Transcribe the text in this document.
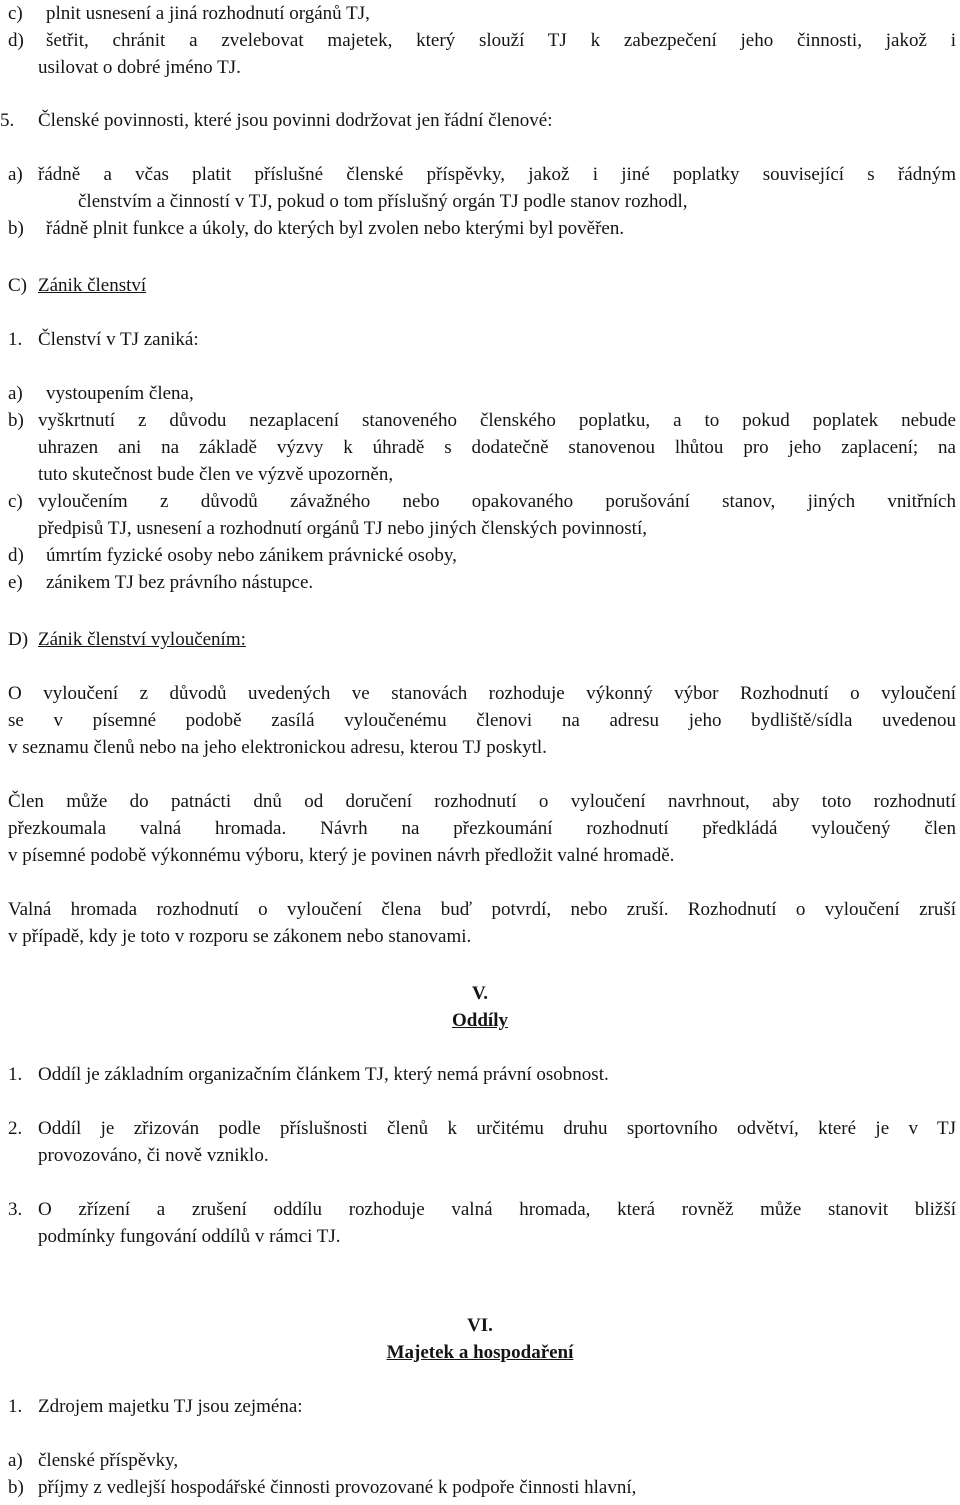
c) plnit usnesení a jiná rozhodnutí orgánů TJ,
d)	šetřit, chránit a zvelebovat majetek, který slouží TJ k zabezpečení jeho činnosti, jakož i
usilovat o dobré jméno TJ.
5. Členské povinnosti, které jsou povinni dodržovat jen řádní členové:
a) řádně a včas platit příslušné členské příspěvky, jakož i jiné poplatky související s řádným
členstvím a činností v TJ, pokud o tom příslušný orgán TJ podle stanov rozhodl,
b) řádně plnit funkce a úkoly, do kterých byl zvolen nebo kterými byl pověřen.
C) Zánik členství
1. Členství v TJ zaniká:
a) vystoupením člena,
b) vyškrtnutí z důvodu nezaplacení stanoveného členského poplatku, a to pokud poplatek nebude
uhrazen ani na základě výzvy k úhradě s dodatečně stanovenou lhůtou pro jeho zaplacení; na
tuto skutečnost bude člen ve výzvě upozorněn,
c) vyloučením z důvodů závažného nebo opakovaného porušování stanov, jiných vnitřních
předpisů TJ, usnesení a rozhodnutí orgánů TJ nebo jiných členských povinností,
d) úmrtím fyzické osoby nebo zánikem právnické osoby,
e) zánikem TJ bez právního nástupce.
D) Zánik členství vyloučením:
O vyloučení z důvodů uvedených ve stanovách rozhoduje výkonný výbor Rozhodnutí o vyloučení
se v písemné podobě zasílá vyloučenému členovi na adresu jeho bydliště/sídla uvedenou
v seznamu členů nebo na jeho elektronickou adresu, kterou TJ poskytl.
Člen může do patnácti dnů od doručení rozhodnutí o vyloučení navrhnout, aby toto rozhodnutí
přezkoumala valná hromada. Návrh na přezkoumání rozhodnutí předkládá vyloučený člen
v písemné podobě výkonnému výboru, který je povinen návrh předložit valné hromadě.
Valná hromada rozhodnutí o vyloučení člena buď potvrdí, nebo zruší. Rozhodnutí o vyloučení zruší
v případě, kdy je toto v rozporu se zákonem nebo stanovami.
V.
Oddíly
1. Oddíl je základním organizačním článkem TJ, který nemá právní osobnost.
2. Oddíl je zřizován podle příslušnosti členů k určitému druhu sportovního odvětví, které je v TJ
provozováno, či nově vzniklo.
3. O zřízení a zrušení oddílu rozhoduje valná hromada, která rovněž může stanovit bližší
podmínky fungování oddílů v rámci TJ.
VI.
Majetek a hospodaření
1. Zdrojem majetku TJ jsou zejména:
a) členské příspěvky,
b) příjmy z vedlejší hospodářské činnosti provozované k podpoře činnosti hlavní,
